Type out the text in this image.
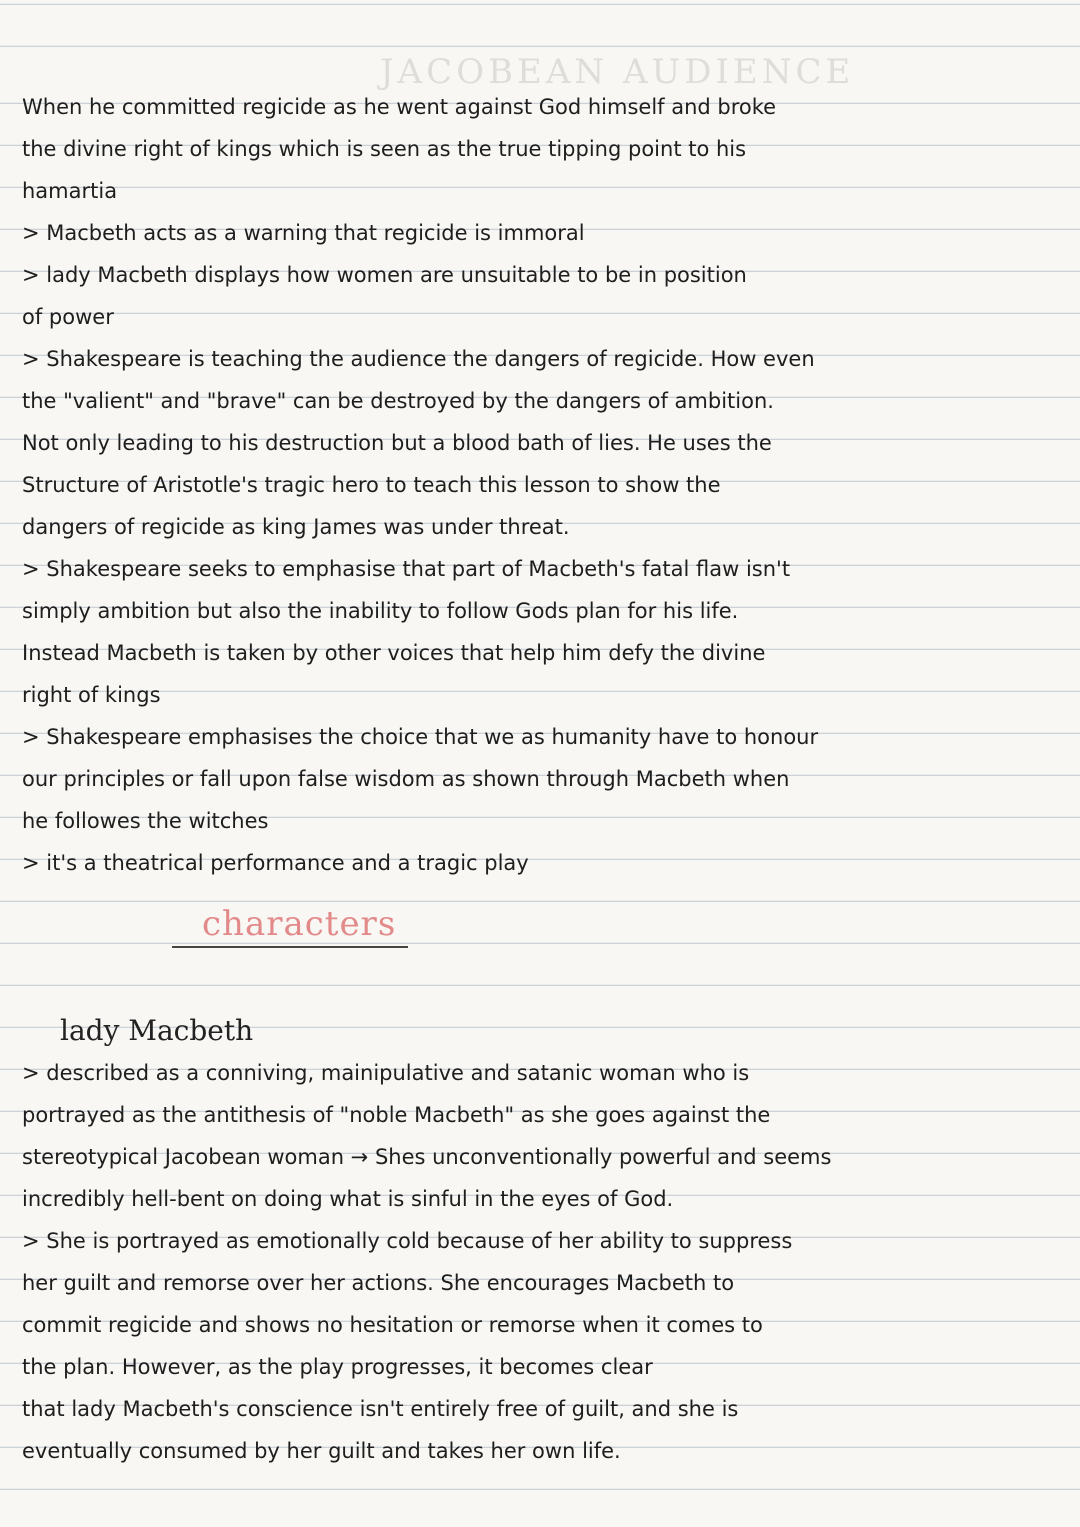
JACOBEAN AUDIENCE
When he committed regicide as he went against God himself and broke
the divine right of kings which is seen as the true tipping point to his
hamartia
> Macbeth acts as a warning that regicide is immoral
> lady Macbeth displays how women are unsuitable to be in position
of power
> Shakespeare is teaching the audience the dangers of regicide. How even
the "valient" and "brave" can be destroyed by the dangers of ambition.
Not only leading to his destruction but a blood bath of lies. He uses the
Structure of Aristotle's tragic hero to teach this lesson to show the
dangers of regicide as king James was under threat.
> Shakespeare seeks to emphasise that part of Macbeth's fatal flaw isn't
simply ambition but also the inability to follow Gods plan for his life.
Instead Macbeth is taken by other voices that help him defy the divine
right of kings
> Shakespeare emphasises the choice that we as humanity have to honour
our principles or fall upon false wisdom as shown through Macbeth when
he followes the witches
> it's a theatrical performance and a tragic play
characters
lady Macbeth
> described as a conniving, mainipulative and satanic woman who is
portrayed as the antithesis of "noble Macbeth" as she goes against the
stereotypical Jacobean woman → Shes unconventionally powerful and seems
incredibly hell-bent on doing what is sinful in the eyes of God.
> She is portrayed as emotionally cold because of her ability to suppress
her guilt and remorse over her actions. She encourages Macbeth to
commit regicide and shows no hesitation or remorse when it comes to
the plan. However, as the play progresses, it becomes clear
that lady Macbeth's conscience isn't entirely free of guilt, and she is
eventually consumed by her guilt and takes her own life.
